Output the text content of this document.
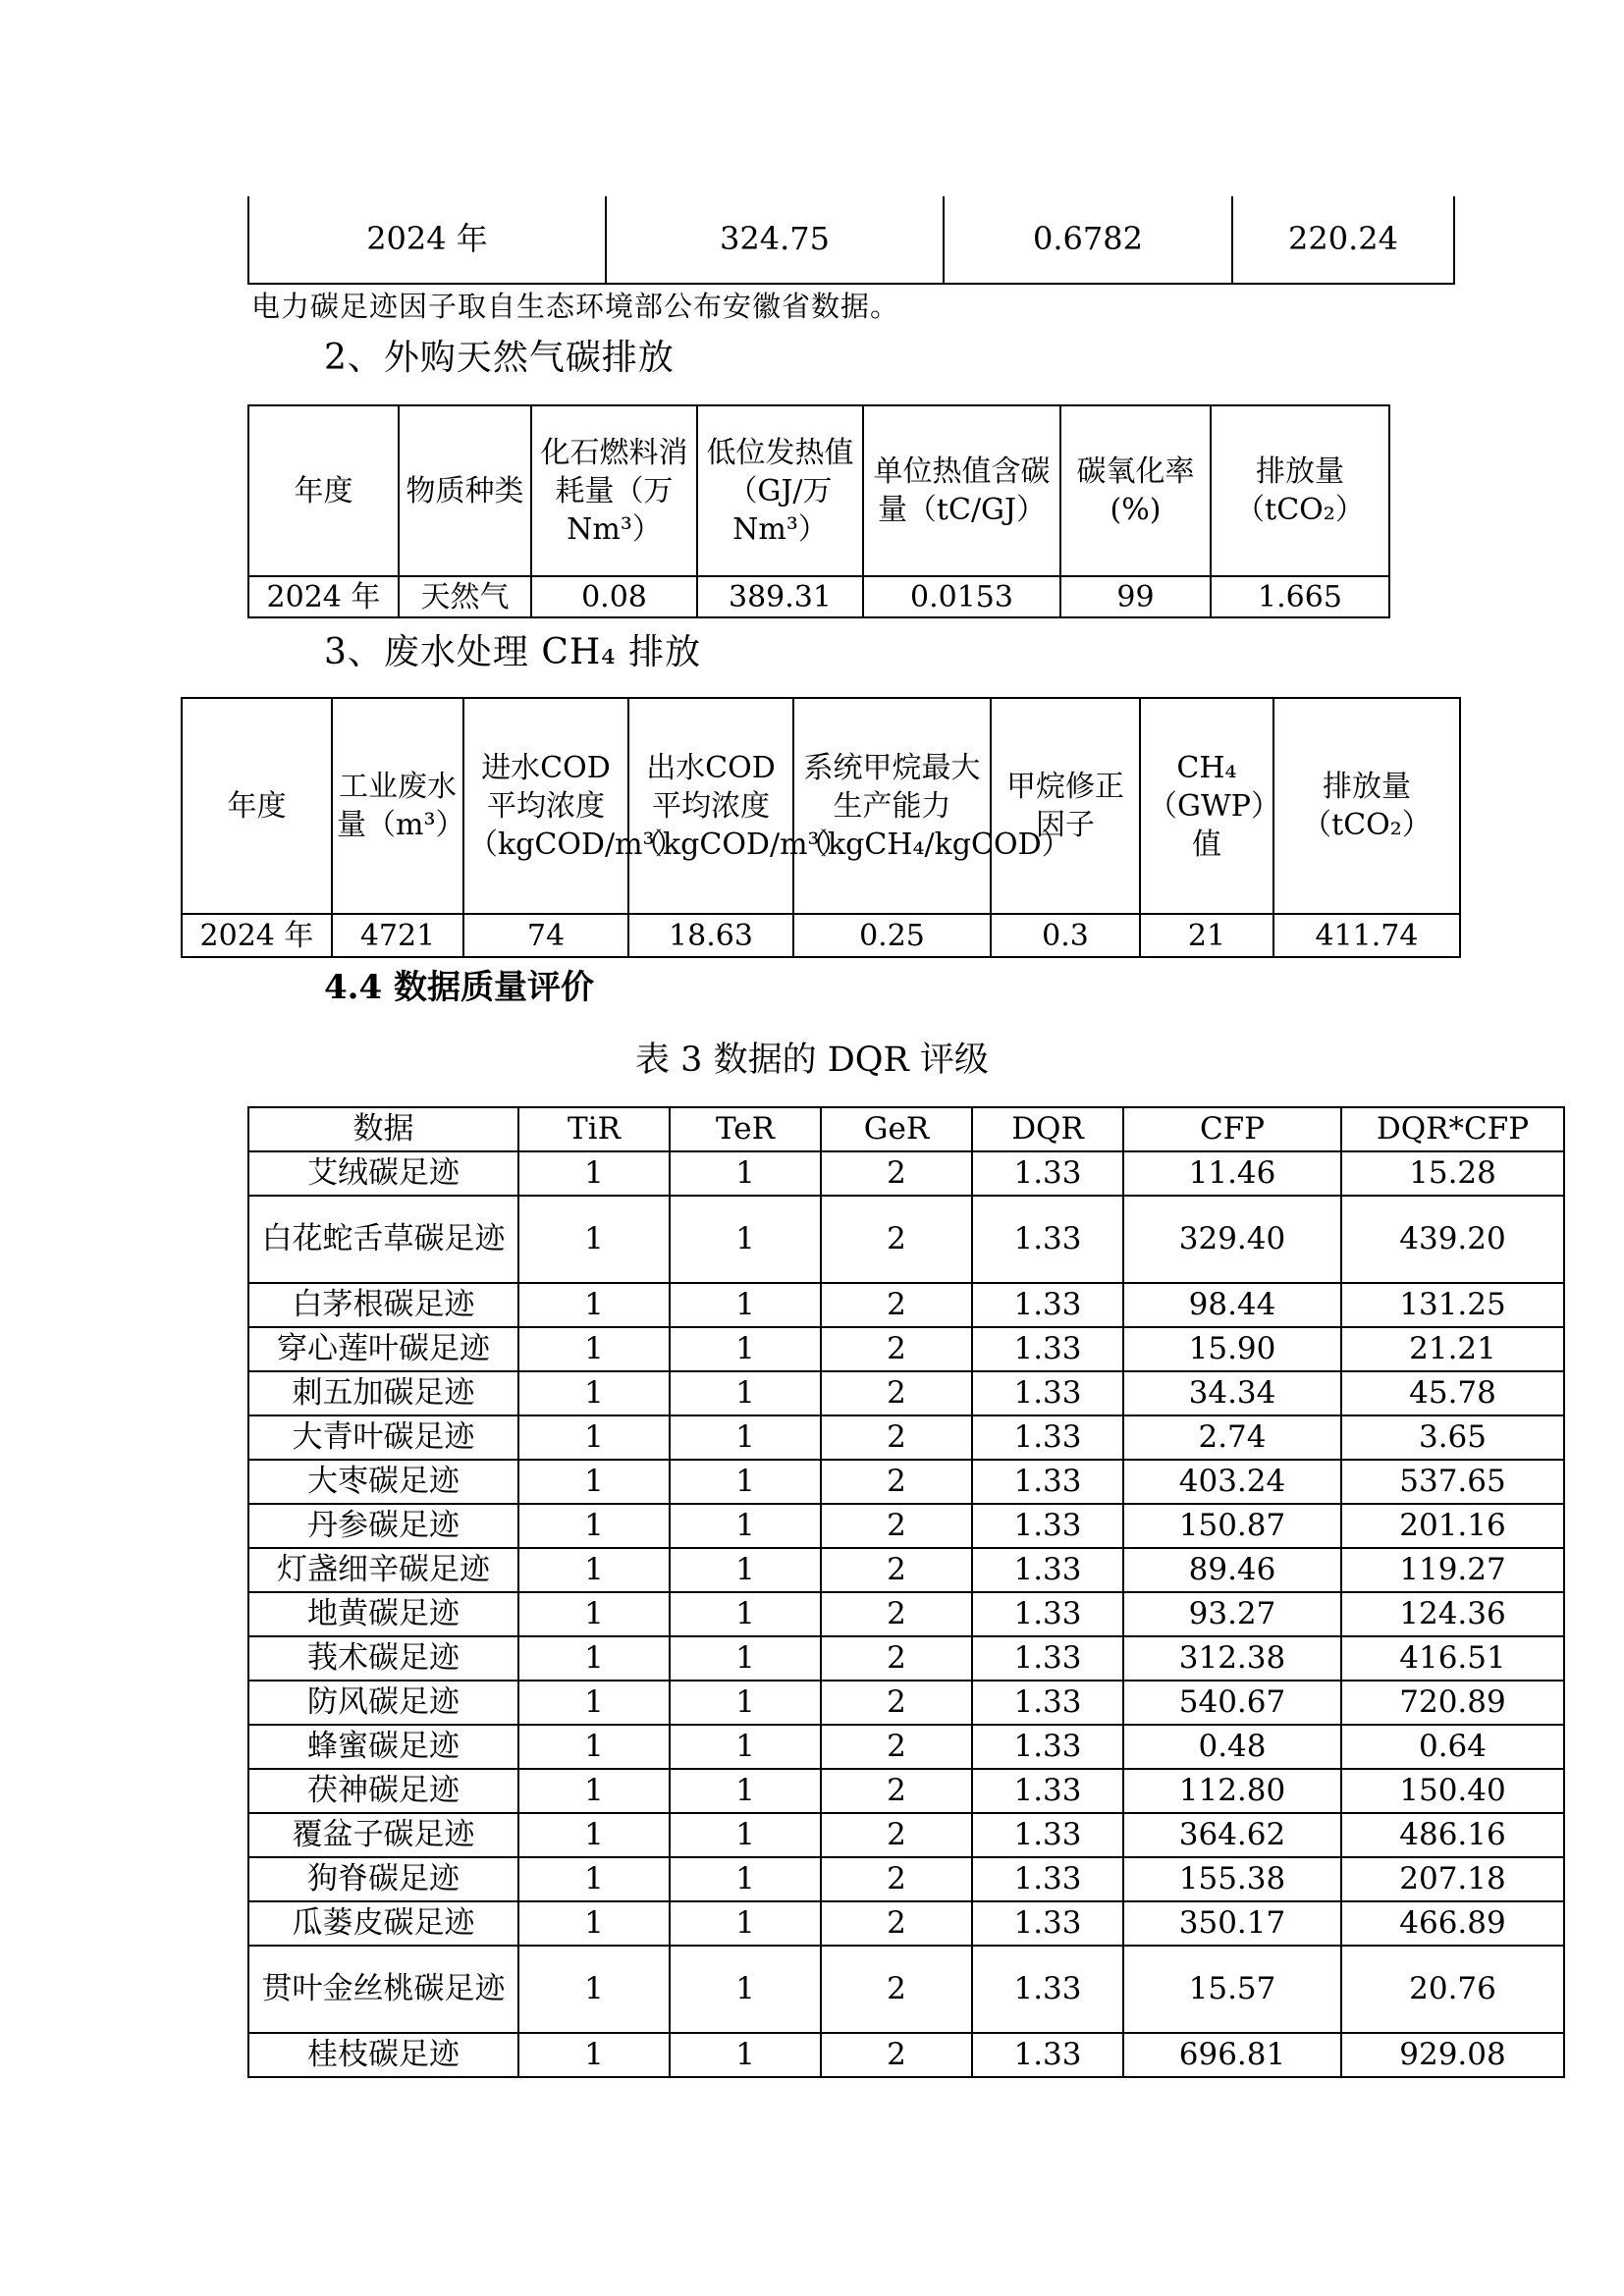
2024 年	324.75	0.6782	220.24
电力碳足迹因子取自生态环境部公布安徽省数据。
2、外购天然气碳排放
年度	物质种类	化石燃料消耗量（万Nm³）	低位发热值（GJ/万 Nm³）	单位热值含碳量（tC/GJ）	碳氧化率(%)	排放量（tCO₂）
2024 年	天然气	0.08	389.31	0.0153	99	1.665
3、废水处理 CH₄ 排放
年度	工业废水量（m³）	进水COD 平均浓度（kgCOD/m³）	出水COD 平均浓度（kgCOD/m³）	系统甲烷最大生产能力（kgCH₄/kgCOD）	甲烷修正因子	CH₄（GWP）值	排放量（tCO₂）
2024 年	4721	74	18.63	0.25	0.3	21	411.74
4.4 数据质量评价
表 3 数据的 DQR 评级
数据	TiR	TeR	GeR	DQR	CFP	DQR*CFP
艾绒碳足迹	1	1	2	1.33	11.46	15.28
白花蛇舌草碳足迹	1	1	2	1.33	329.40	439.20
白茅根碳足迹	1	1	2	1.33	98.44	131.25
穿心莲叶碳足迹	1	1	2	1.33	15.90	21.21
刺五加碳足迹	1	1	2	1.33	34.34	45.78
大青叶碳足迹	1	1	2	1.33	2.74	3.65
大枣碳足迹	1	1	2	1.33	403.24	537.65
丹参碳足迹	1	1	2	1.33	150.87	201.16
灯盏细辛碳足迹	1	1	2	1.33	89.46	119.27
地黄碳足迹	1	1	2	1.33	93.27	124.36
莪术碳足迹	1	1	2	1.33	312.38	416.51
防风碳足迹	1	1	2	1.33	540.67	720.89
蜂蜜碳足迹	1	1	2	1.33	0.48	0.64
茯神碳足迹	1	1	2	1.33	112.80	150.40
覆盆子碳足迹	1	1	2	1.33	364.62	486.16
狗脊碳足迹	1	1	2	1.33	155.38	207.18
瓜蒌皮碳足迹	1	1	2	1.33	350.17	466.89
贯叶金丝桃碳足迹	1	1	2	1.33	15.57	20.76
桂枝碳足迹	1	1	2	1.33	696.81	929.08
